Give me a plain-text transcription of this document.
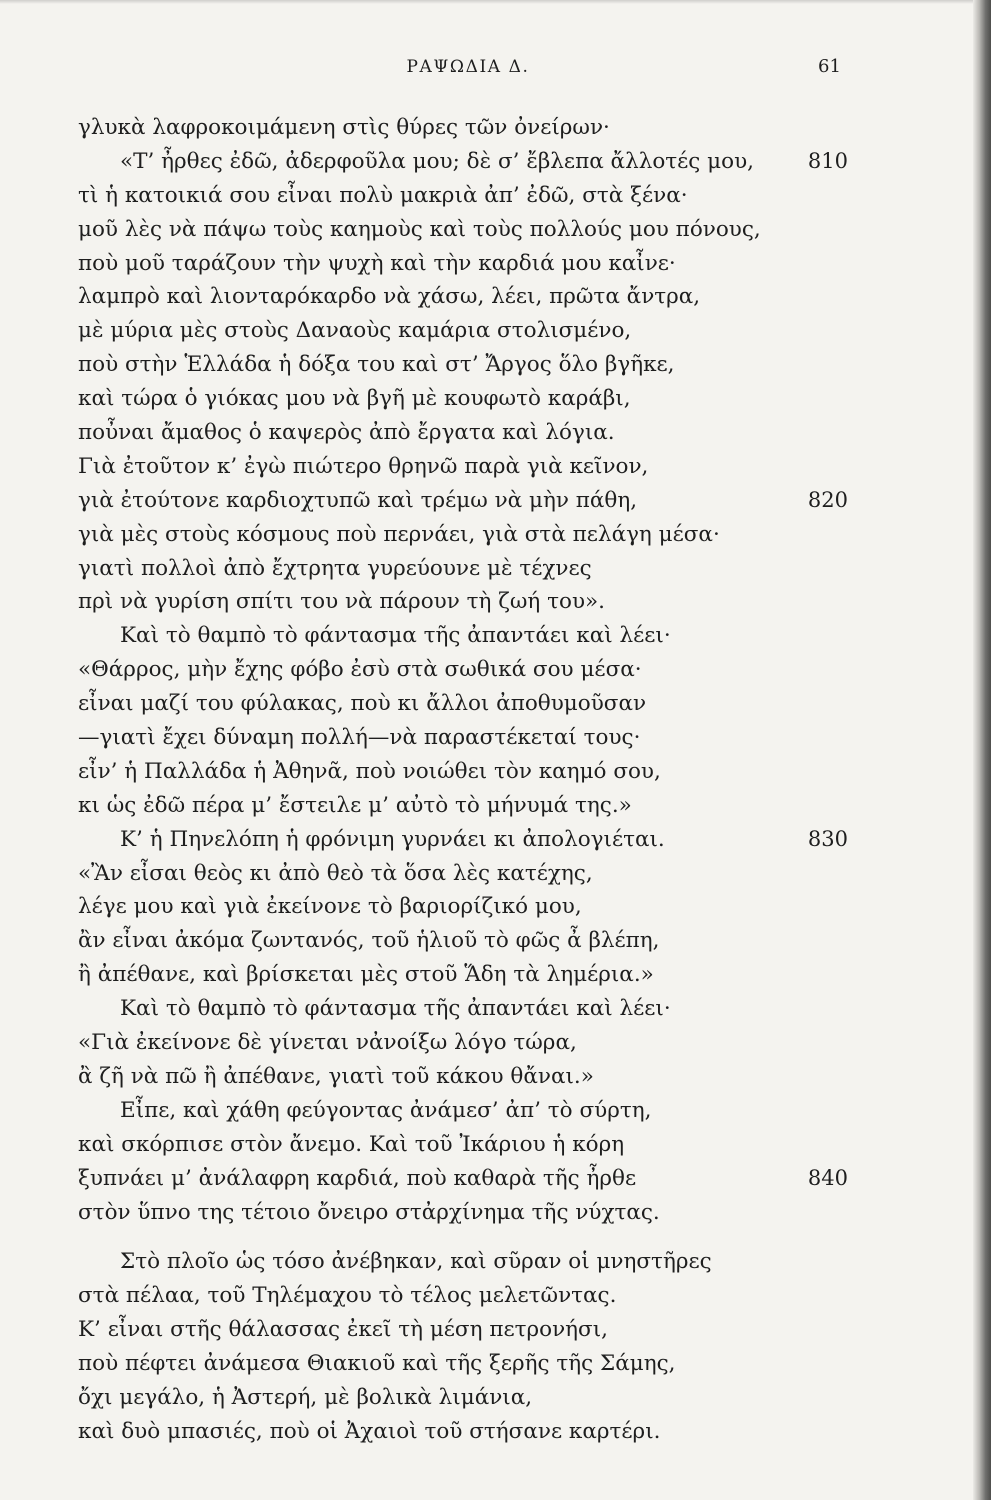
ΡΑΨΩΔΙΑ Δ.	61
γλυκὰ λαφροκοιμάμενη στὶς θύρες τῶν ὀνείρων·
«Τ’ ἦρθες ἐδῶ, ἀδερφοῦλα μου; δὲ σ’ ἔβλεπα ἄλλοτές μου,	810
τὶ ἡ κατοικιά σου εἶναι πολὺ μακριὰ ἀπ’ ἐδῶ, στὰ ξένα·
μοῦ λὲς νὰ πάψω τοὺς καημοὺς καὶ τοὺς πολλούς μου πόνους,
ποὺ μοῦ ταράζουν τὴν ψυχὴ καὶ τὴν καρδιά μου καἶνε·
λαμπρὸ καὶ λιονταρόκαρδο νὰ χάσω, λέει, πρῶτα ἄντρα,
μὲ μύρια μὲς στοὺς Δαναοὺς καμάρια στολισμένο,
ποὺ στὴν Ἑλλάδα ἡ δόξα του καὶ στ’ Ἄργος ὅλο βγῆκε,
καὶ τώρα ὁ γιόκας μου νὰ βγῆ μὲ κουφωτὸ καράβι,
ποὖναι ἄμαθος ὁ καψερὸς ἀπὸ ἔργατα καὶ λόγια.
Γιὰ ἐτοῦτον κ’ ἐγὼ πιώτερο θρηνῶ παρὰ γιὰ κεῖνον,
γιὰ ἐτούτονε καρδιοχτυπῶ καὶ τρέμω νὰ μὴν πάθη,	820
γιὰ μὲς στοὺς κόσμους ποὺ περνάει, γιὰ στὰ πελάγη μέσα·
γιατὶ πολλοὶ ἀπὸ ἔχτρητα γυρεύουνε μὲ τέχνες
πρὶ νὰ γυρίση σπίτι του νὰ πάρουν τὴ ζωή του».
Καὶ τὸ θαμπὸ τὸ φάντασμα τῆς ἀπαντάει καὶ λέει·
«Θάρρος, μὴν ἔχης φόβο ἐσὺ στὰ σωθικά σου μέσα·
εἶναι μαζί του φύλακας, ποὺ κι ἄλλοι ἀποθυμοῦσαν
—γιατὶ ἔχει δύναμη πολλή—νὰ παραστέκεταί τους·
εἶν’ ἡ Παλλάδα ἡ Ἀθηνᾶ, ποὺ νοιώθει τὸν καημό σου,
κι ὡς ἐδῶ πέρα μ’ ἔστειλε μ’ αὐτὸ τὸ μήνυμά της.»
Κ’ ἡ Πηνελόπη ἡ φρόνιμη γυρνάει κι ἀπολογιέται.	830
«Ἂν εἶσαι θεὸς κι ἀπὸ θεὸ τὰ ὅσα λὲς κατέχης,
λέγε μου καὶ γιὰ ἐκείνονε τὸ βαριορίζικό μου,
ἂν εἶναι ἀκόμα ζωντανός, τοῦ ἡλιοῦ τὸ φῶς ἆ βλέπη,
ἢ ἀπέθανε, καὶ βρίσκεται μὲς στοῦ Ἅδη τὰ λημέρια.»
Καὶ τὸ θαμπὸ τὸ φάντασμα τῆς ἀπαντάει καὶ λέει·
«Γιὰ ἐκείνονε δὲ γίνεται νἀνοίξω λόγο τώρα,
ἂ ζῆ νὰ πῶ ἢ ἀπέθανε, γιατὶ τοῦ κάκου θἄναι.»
Εἶπε, καὶ χάθη φεύγοντας ἀνάμεσ’ ἀπ’ τὸ σύρτη,
καὶ σκόρπισε στὸν ἄνεμο. Καὶ τοῦ Ἰκάριου ἡ κόρη
ξυπνάει μ’ ἀνάλαφρη καρδιά, ποὺ καθαρὰ τῆς ἦρθε	840
στὸν ὕπνο της τέτοιο ὄνειρο στἀρχίνημα τῆς νύχτας.
Στὸ πλοῖο ὡς τόσο ἀνέβηκαν, καὶ σῦραν οἱ μνηστῆρες
στὰ πέλαα, τοῦ Τηλέμαχου τὸ τέλος μελετῶντας.
Κ’ εἶναι στῆς θάλασσας ἐκεῖ τὴ μέση πετρονήσι,
ποὺ πέφτει ἀνάμεσα Θιακιοῦ καὶ τῆς ξερῆς τῆς Σάμης,
ὄχι μεγάλο, ἡ Ἀστερή, μὲ βολικὰ λιμάνια,
καὶ δυὸ μπασιές, ποὺ οἱ Ἀχαιοὶ τοῦ στήσανε καρτέρι.
